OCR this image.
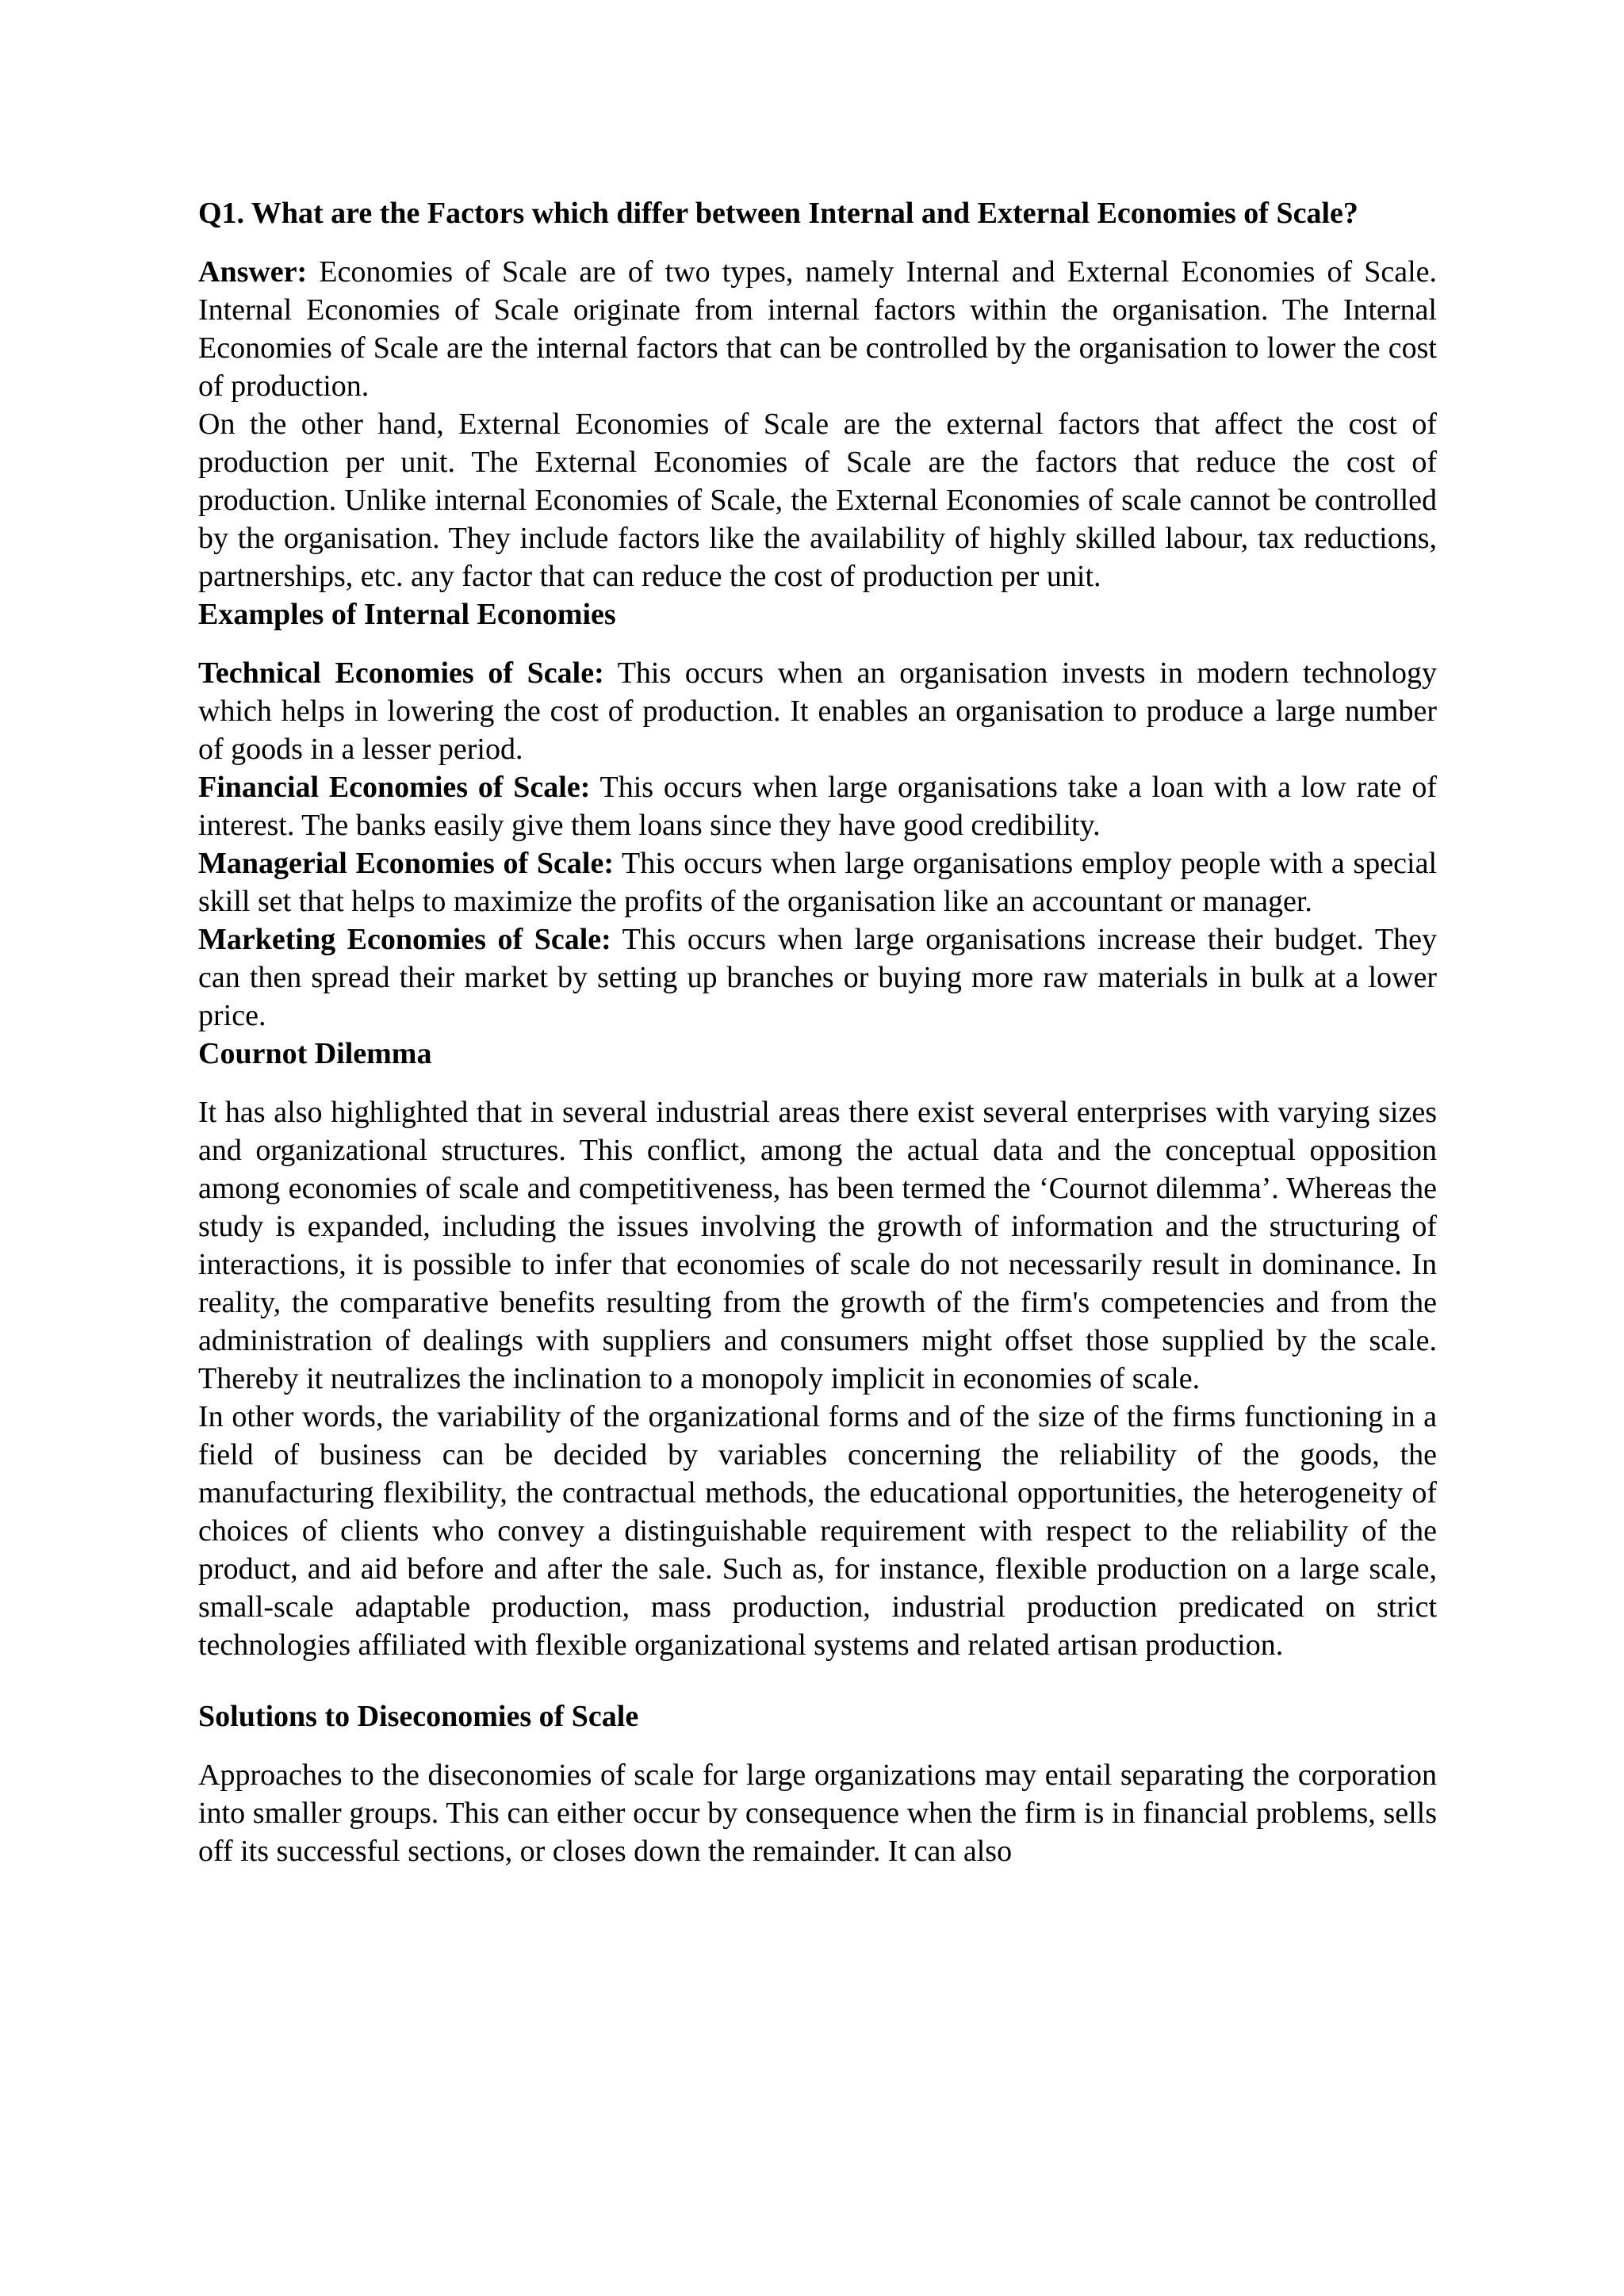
Q1. What are the Factors which differ between Internal and External Economies of Scale?

Answer: Economies of Scale are of two types, namely Internal and External Economies of Scale. Internal Economies of Scale originate from internal factors within the organisation. The Internal Economies of Scale are the internal factors that can be controlled by the organisation to lower the cost of production.

On the other hand, External Economies of Scale are the external factors that affect the cost of production per unit. The External Economies of Scale are the factors that reduce the cost of production. Unlike internal Economies of Scale, the External Economies of scale cannot be controlled by the organisation. They include factors like the availability of highly skilled labour, tax reductions, partnerships, etc. any factor that can reduce the cost of production per unit.

Examples of Internal Economies

Technical Economies of Scale: This occurs when an organisation invests in modern technology which helps in lowering the cost of production. It enables an organisation to produce a large number of goods in a lesser period.

Financial Economies of Scale: This occurs when large organisations take a loan with a low rate of interest. The banks easily give them loans since they have good credibility.

Managerial Economies of Scale: This occurs when large organisations employ people with a special skill set that helps to maximize the profits of the organisation like an accountant or manager.

Marketing Economies of Scale: This occurs when large organisations increase their budget. They can then spread their market by setting up branches or buying more raw materials in bulk at a lower price.

Cournot Dilemma

It has also highlighted that in several industrial areas there exist several enterprises with varying sizes and organizational structures. This conflict, among the actual data and the conceptual opposition among economies of scale and competitiveness, has been termed the ‘Cournot dilemma’. Whereas the study is expanded, including the issues involving the growth of information and the structuring of interactions, it is possible to infer that economies of scale do not necessarily result in dominance. In reality, the comparative benefits resulting from the growth of the firm's competencies and from the administration of dealings with suppliers and consumers might offset those supplied by the scale. Thereby it neutralizes the inclination to a monopoly implicit in economies of scale.

In other words, the variability of the organizational forms and of the size of the firms functioning in a field of business can be decided by variables concerning the reliability of the goods, the manufacturing flexibility, the contractual methods, the educational opportunities, the heterogeneity of choices of clients who convey a distinguishable requirement with respect to the reliability of the product, and aid before and after the sale. Such as, for instance, flexible production on a large scale, small-scale adaptable production, mass production, industrial production predicated on strict technologies affiliated with flexible organizational systems and related artisan production.

Solutions to Diseconomies of Scale

Approaches to the diseconomies of scale for large organizations may entail separating the corporation into smaller groups. This can either occur by consequence when the firm is in financial problems, sells off its successful sections, or closes down the remainder. It can also
